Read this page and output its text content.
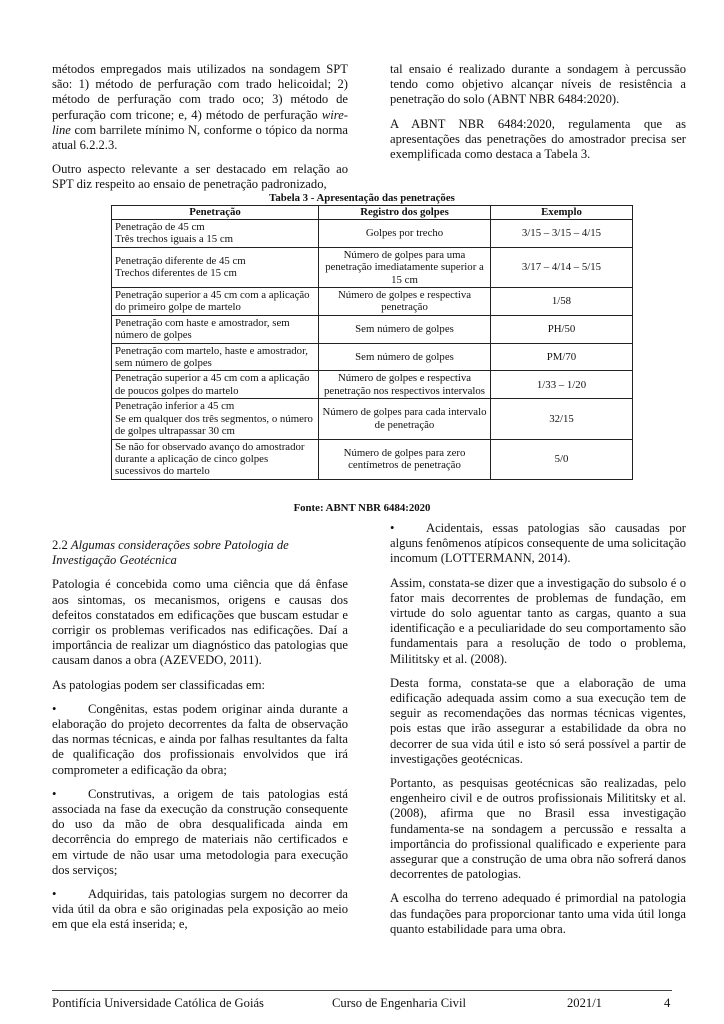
métodos empregados mais utilizados na sondagem SPT são: 1) método de perfuração com trado helicoidal; 2) método de perfuração com trado oco; 3) método de perfuração com tricone; e, 4) método de perfuração wire-line com barrilete mínimo N, conforme o tópico da norma atual 6.2.2.3.

Outro aspecto relevante a ser destacado em relação ao SPT diz respeito ao ensaio de penetração padronizado,

tal ensaio é realizado durante a sondagem à percussão tendo como objetivo alcançar níveis de resistência a penetração do solo (ABNT NBR 6484:2020).

A ABNT NBR 6484:2020, regulamenta que as apresentações das penetrações do amostrador precisa ser exemplificada como destaca a Tabela 3.

Tabela 3 - Apresentação das penetrações
Penetração	Registro dos golpes	Exemplo
Penetração de 45 cm
Três trechos iguais a 15 cm	Golpes por trecho	3/15 – 3/15 – 4/15
Penetração diferente de 45 cm
Trechos diferentes de 15 cm	Número de golpes para uma penetração imediatamente superior a 15 cm	3/17 – 4/14 – 5/15
Penetração superior a 45 cm com a aplicação do primeiro golpe de martelo	Número de golpes e respectiva penetração	1/58
Penetração com haste e amostrador, sem número de golpes	Sem número de golpes	PH/50
Penetração com martelo, haste e amostrador, sem número de golpes	Sem número de golpes	PM/70
Penetração superior a 45 cm com a aplicação de poucos golpes do martelo	Número de golpes e respectiva penetração nos respectivos intervalos	1/33 – 1/20
Penetração inferior a 45 cm
Se em qualquer dos três segmentos, o número de golpes ultrapassar 30 cm	Número de golpes para cada intervalo de penetração	32/15
Se não for observado avanço do amostrador durante a aplicação de cinco golpes sucessivos do martelo	Número de golpes para zero centímetros de penetração	5/0
Fonte: ABNT NBR 6484:2020

2.2 Algumas considerações sobre Patologia de Investigação Geotécnica

Patologia é concebida como uma ciência que dá ênfase aos sintomas, os mecanismos, origens e causas dos defeitos constatados em edificações que buscam estudar e corrigir os problemas verificados nas edificações. Daí a importância de realizar um diagnóstico das patologias que causam danos a obra (AZEVEDO, 2011).

As patologias podem ser classificadas em:

•	Congênitas, estas podem originar ainda durante a elaboração do projeto decorrentes da falta de observação das normas técnicas, e ainda por falhas resultantes da falta de qualificação dos profissionais envolvidos que irá comprometer a edificação da obra;

•	Construtivas, a origem de tais patologias está associada na fase da execução da construção consequente do uso da mão de obra desqualificada ainda em decorrência do emprego de materiais não certificados e em virtude de não usar uma metodologia para execução dos serviços;

•	Adquiridas, tais patologias surgem no decorrer da vida útil da obra e são originadas pela exposição ao meio em que ela está inserida; e,

•	Acidentais, essas patologias são causadas por alguns fenômenos atípicos consequente de uma solicitação incomum (LOTTERMANN, 2014).

Assim, constata-se dizer que a investigação do subsolo é o fator mais decorrentes de problemas de fundação, em virtude do solo aguentar tanto as cargas, quanto a sua identificação e a peculiaridade do seu comportamento são fundamentais para a resolução de todo o problema, Milititsky et al. (2008).

Desta forma, constata-se que a elaboração de uma edificação adequada assim como a sua execução tem de seguir as recomendações das normas técnicas vigentes, pois estas que irão assegurar a estabilidade da obra no decorrer de sua vida útil e isto só será possível a partir de investigações geotécnicas.

Portanto, as pesquisas geotécnicas são realizadas, pelo engenheiro civil e de outros profissionais Milititsky et al. (2008), afirma que no Brasil essa investigação fundamenta-se na sondagem a percussão e ressalta a importância do profissional qualificado e experiente para assegurar que a construção de uma obra não sofrerá danos decorrentes de patologias.

A escolha do terreno adequado é primordial na patologia das fundações para proporcionar tanto uma vida útil longa quanto estabilidade para uma obra.

Pontifícia Universidade Católica de Goiás	Curso de Engenharia Civil	2021/1	4
